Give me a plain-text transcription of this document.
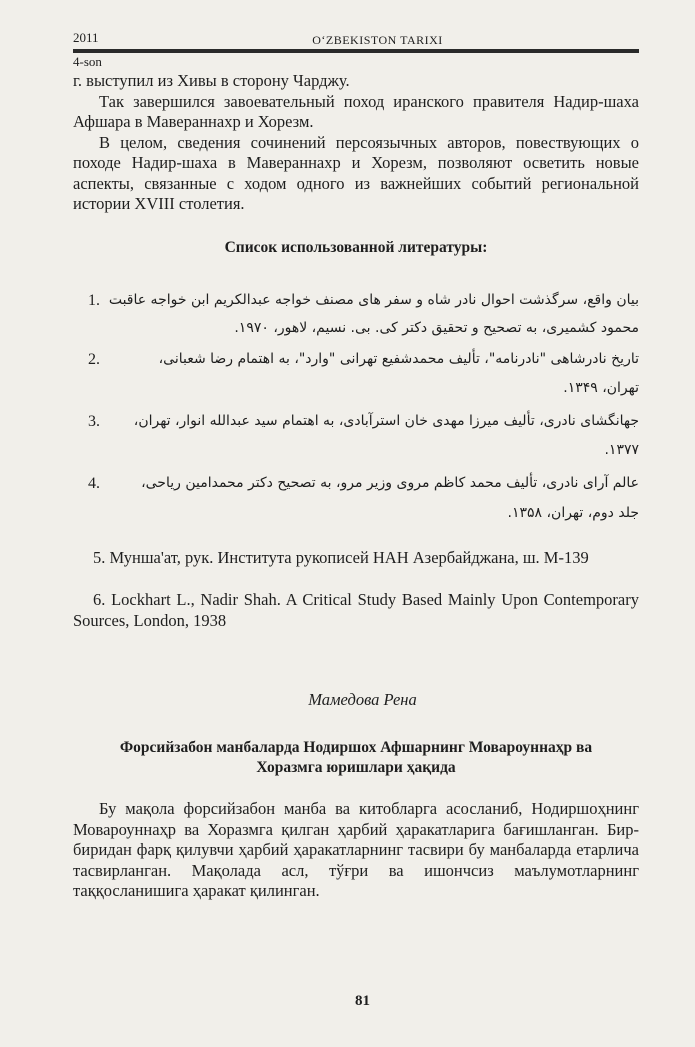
2011	O‘ZBEKISTON TARIXI
4-son

г. выступил из Хивы в сторону Чарджу.

Так завершился завоевательный поход иранского правителя Надир-шаха Афшара в Мавераннахр и Хорезм.

В целом, сведения сочинений персоязычных авторов, повествующих о походе Надир-шаха в Мавераннахр и Хорезм, позволяют осветить новые аспекты, связанные с ходом одного из важнейших событий региональной истории XVIII столетия.

Список использованной литературы:
1. بیان واقع، سرگذشت احوال نادر شاه و سفر های مصنف خواجه عبدالکریم ابن خواجه عاقبت
محمود کشمیری، به تصحیح و تحقیق دکتر کی. بی. نسیم، لاهور، ۱۹۷۰.
2.	تاریخ نادرشاهی "نادرنامه"، تألیف محمدشفیع تهرانی "وارد"، به اهتمام رضا شعبانی،
تهران، ۱۳۴۹.
3. جهانگشای نادری، تألیف میرزا مهدی خان استرآبادی، به اهتمام سید عبدالله انوار، تهران،
۱۳۷۷.
4.	عالم آرای نادری، تألیف محمد کاظم مروی وزیر مرو، به تصحیح دکتر محمدامین ریاحی،
جلد دوم، تهران، ۱۳۵۸.

5. Мунша'ат, рук. Института рукописей НАН Азербайджана, ш. М-139

6. Lockhart L., Nadir Shah. A Critical Study Based Mainly Upon Contemporary Sources, London, 1938

Мамедова Рена
Форсийзабон манбаларда Нодиршох Афшарнинг Мовароуннаҳр ва Хоразмга юришлари ҳақида

Бу мақола форсийзабон манба ва китобларга асосланиб, Нодиршоҳнинг Мовароуннаҳр ва Хоразмга қилган ҳарбий ҳаракатларига бағишланган. Бир-биридан фарқ қилувчи ҳарбий ҳаракатларнинг тасвири бу манбаларда етарлича тасвирланган. Мақолада асл, тўғри ва ишончсиз маълумотларнинг таққосланишига ҳаракат қилинган.

81
